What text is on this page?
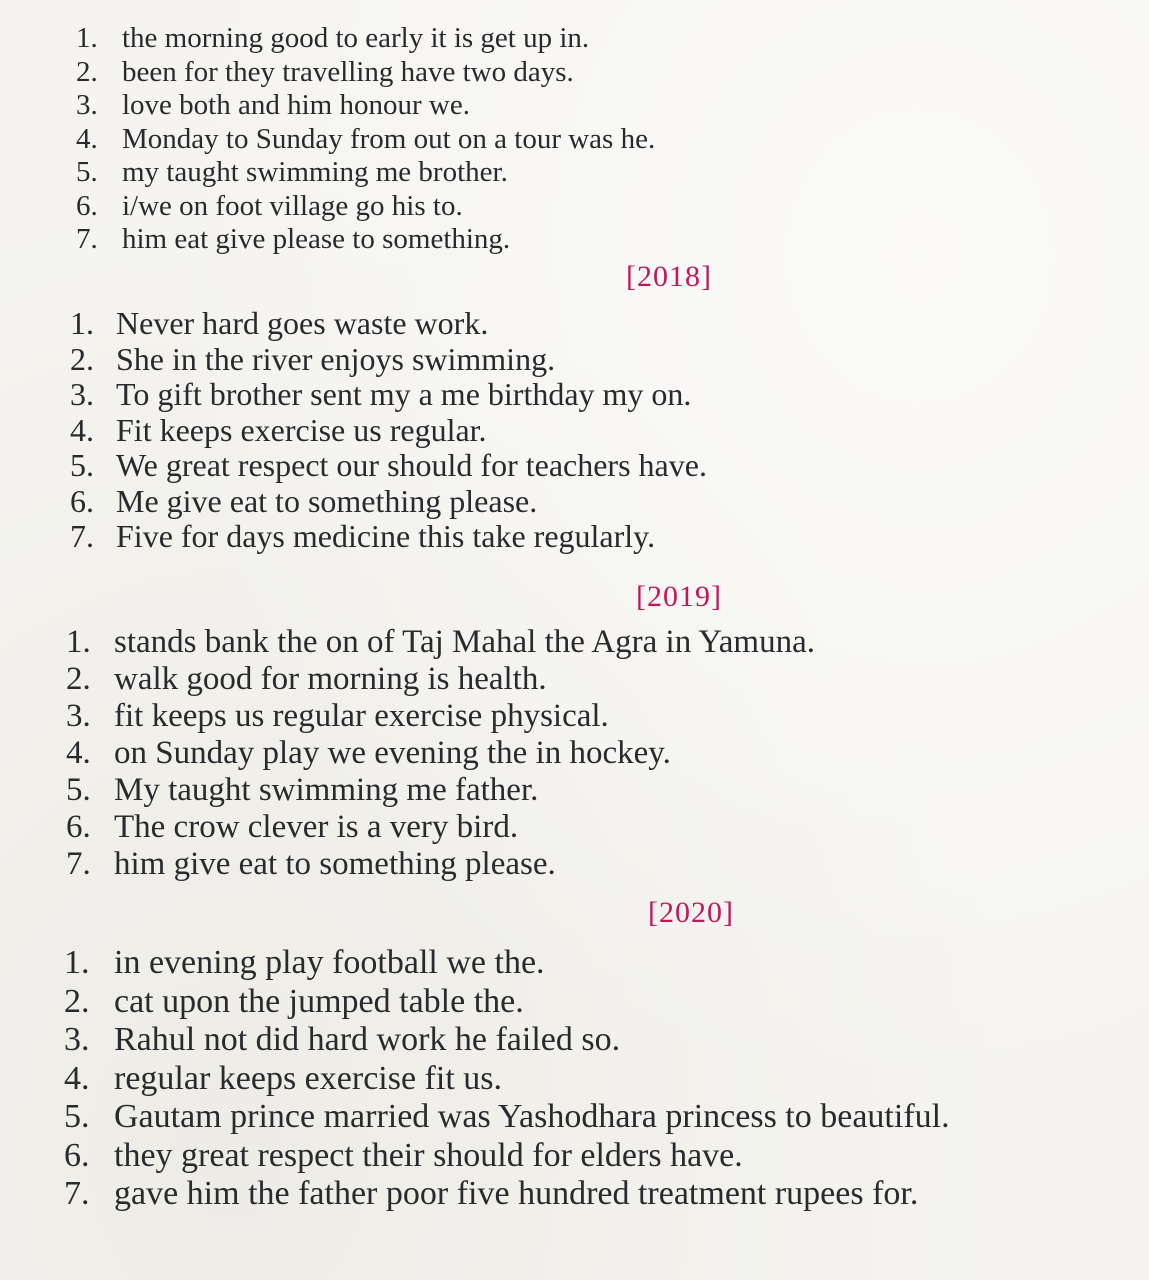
1. the morning good to early it is get up in.
2. been for they travelling have two days.
3. love both and him honour we.
4. Monday to Sunday from out on a tour was he.
5. my taught swimming me brother.
6. i/we on foot village go his to.
7. him eat give please to something.
[2018]
1. Never hard goes waste work.
2. She in the river enjoys swimming.
3. To gift brother sent my a me birthday my on.
4. Fit keeps exercise us regular.
5. We great respect our should for teachers have.
6. Me give eat to something please.
7. Five for days medicine this take regularly.
[2019]
1. stands bank the on of Taj Mahal the Agra in Yamuna.
2. walk good for morning is health.
3. fit keeps us regular exercise physical.
4. on Sunday play we evening the in hockey.
5. My taught swimming me father.
6. The crow clever is a very bird.
7. him give eat to something please.
[2020]
1. in evening play football we the.
2. cat upon the jumped table the.
3. Rahul not did hard work he failed so.
4. regular keeps exercise fit us.
5. Gautam prince married was Yashodhara princess to beautiful.
6. they great respect their should for elders have.
7. gave him the father poor five hundred treatment rupees for.
